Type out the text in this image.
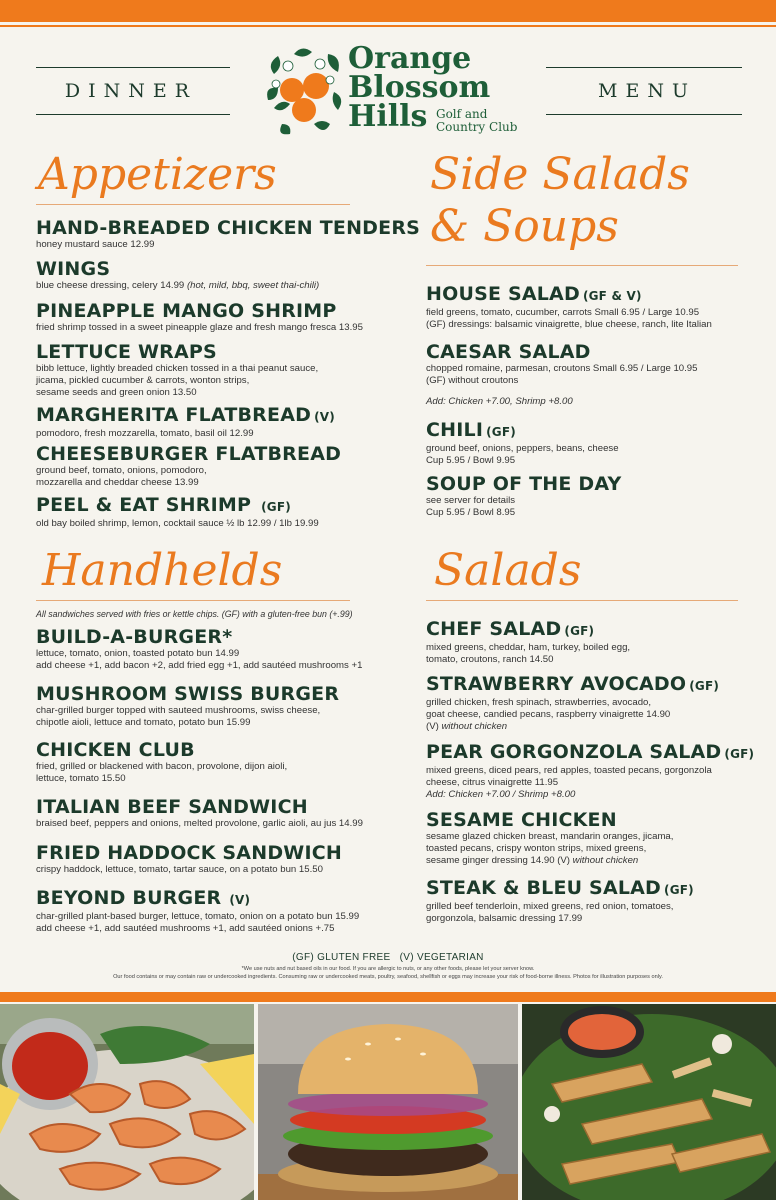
DINNER	MENU
Orange
Blossom
Hills Golf and
Country Club
Appetizers
HAND-BREADED CHICKEN TENDERS
honey mustard sauce 12.99
WINGS
blue cheese dressing, celery 14.99 (hot, mild, bbq, sweet thai-chili)
PINEAPPLE MANGO SHRIMP
fried shrimp tossed in a sweet pineapple glaze and fresh mango fresca 13.95
LETTUCE WRAPS
bibb lettuce, lightly breaded chicken tossed in a thai peanut sauce,
jicama, pickled cucumber & carrots, wonton strips,
sesame seeds and green onion 13.50
MARGHERITA FLATBREAD (V)
pomodoro, fresh mozzarella, tomato, basil oil 12.99
CHEESEBURGER FLATBREAD
ground beef, tomato, onions, pomodoro,
mozzarella and cheddar cheese 13.99
PEEL & EAT SHRIMP (GF)
old bay boiled shrimp, lemon, cocktail sauce ½ lb 12.99 / 1lb 19.99
Handhelds
All sandwiches served with fries or kettle chips. (GF) with a gluten-free bun (+.99)
BUILD-A-BURGER*
lettuce, tomato, onion, toasted potato bun 14.99
add cheese +1, add bacon +2, add fried egg +1, add sautéed mushrooms +1
MUSHROOM SWISS BURGER
char-grilled burger topped with sauteed mushrooms, swiss cheese,
chipotle aioli, lettuce and tomato, potato bun 15.99
CHICKEN CLUB
fried, grilled or blackened with bacon, provolone, dijon aioli,
lettuce, tomato 15.50
ITALIAN BEEF SANDWICH
braised beef, peppers and onions, melted provolone, garlic aioli, au jus 14.99
FRIED HADDOCK SANDWICH
crispy haddock, lettuce, tomato, tartar sauce, on a potato bun 15.50
BEYOND BURGER (V)
char-grilled plant-based burger, lettuce, tomato, onion on a potato bun 15.99
add cheese +1, add sautéed mushrooms +1, add sautéed onions +.75
Side Salads
& Soups
HOUSE SALAD (GF & V)
field greens, tomato, cucumber, carrots Small 6.95 / Large 10.95
(GF) dressings: balsamic vinaigrette, blue cheese, ranch, lite Italian
CAESAR SALAD
chopped romaine, parmesan, croutons Small 6.95 / Large 10.95
(GF) without croutons
Add: Chicken +7.00, Shrimp +8.00
CHILI (GF)
ground beef, onions, peppers, beans, cheese
Cup 5.95 / Bowl 9.95
SOUP OF THE DAY
see server for details
Cup 5.95 / Bowl 8.95
Salads
CHEF SALAD (GF)
mixed greens, cheddar, ham, turkey, boiled egg,
tomato, croutons, ranch 14.50
STRAWBERRY AVOCADO (GF)
grilled chicken, fresh spinach, strawberries, avocado,
goat cheese, candied pecans, raspberry vinaigrette 14.90
(V) without chicken
PEAR GORGONZOLA SALAD (GF)
mixed greens, diced pears, red apples, toasted pecans, gorgonzola
cheese, citrus vinaigrette 11.95
Add: Chicken +7.00 / Shrimp +8.00
SESAME CHICKEN
sesame glazed chicken breast, mandarin oranges, jicama,
toasted pecans, crispy wonton strips, mixed greens,
sesame ginger dressing 14.90 (V) without chicken
STEAK & BLEU SALAD (GF)
grilled beef tenderloin, mixed greens, red onion, tomatoes,
gorgonzola, balsamic dressing 17.99
(GF) GLUTEN FREE   (V) VEGETARIAN
*We use nuts and nut based oils in our food. If you are allergic to nuts, or any other foods, please let your server know.
Our food contains or may contain raw or undercooked ingredients. Consuming raw or undercooked meats, poultry, seafood, shellfish or eggs may increase your risk of food-borne illness. Photos for illustration purposes only.
